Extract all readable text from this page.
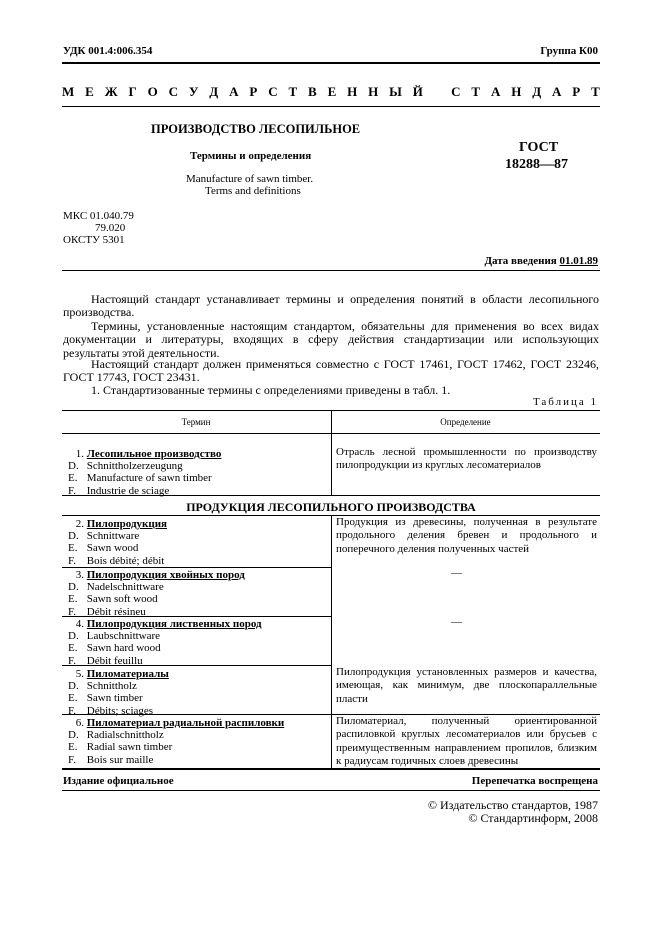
УДК 001.4:006.354	Группа К00
М Е Ж Г О С У Д А Р С Т В Е Н Н Ы Й
С Т А Н Д А Р Т
ПРОИЗВОДСТВО ЛЕСОПИЛЬНОЕ
Термины и определения
Manufacture of sawn timber.
Terms and definitions
ГОСТ
18288—87
МКС 01.040.79
79.020
ОКСТУ 5301
Дата введения 01.01.89
Настоящий стандарт устанавливает термины и определения понятий в области лесопильного производства.
Термины, установленные настоящим стандартом, обязательны для применения во всех видах документации и литературы, входящих в сферу действия стандартизации или использующих результаты этой деятельности.
Настоящий стандарт должен применяться совместно с ГОСТ 17461, ГОСТ 17462, ГОСТ 23246, ГОСТ 17743, ГОСТ 23431.
1. Стандартизованные термины с определениями приведены в табл. 1.
Таблица 1
Термин	Определение
1. Лесопильное производство
D. Schnittholzerzeugung
E. Manufacture of sawn timber
F. Industrie de sciage
Отрасль лесной промышленности по производству пилопродукции из круглых лесоматериалов
ПРОДУКЦИЯ ЛЕСОПИЛЬНОГО ПРОИЗВОДСТВА
2. Пилопродукция
D. Schnittware
E. Sawn wood
F. Bois débité; débit
Продукция из древесины, полученная в результате продольного деления бревен и продольного и поперечного деления полученных частей
3. Пилопродукция хвойных пород
D. Nadelschnittware
E. Sawn soft wood
F. Débit résineu
—
4. Пилопродукция лиственных пород
D. Laubschnittware
E. Sawn hard wood
F. Débit feuillu
—
5. Пиломатериалы
D. Schnittholz
E. Sawn timber
F. Débits; sciages
Пилопродукция установленных размеров и качества, имеющая, как минимум, две плоскопараллельные пласти
6. Пиломатериал радиальной распиловки
D. Radialschnittholz
E. Radial sawn timber
F. Bois sur maille
Пиломатериал, полученный ориентированной распиловкой круглых лесоматериалов или брусьев с преимущественным направлением пропилов, близким к радиусам годичных слоев древесины
Издание официальное	Перепечатка воспрещена
© Издательство стандартов, 1987
© Стандартинформ, 2008
